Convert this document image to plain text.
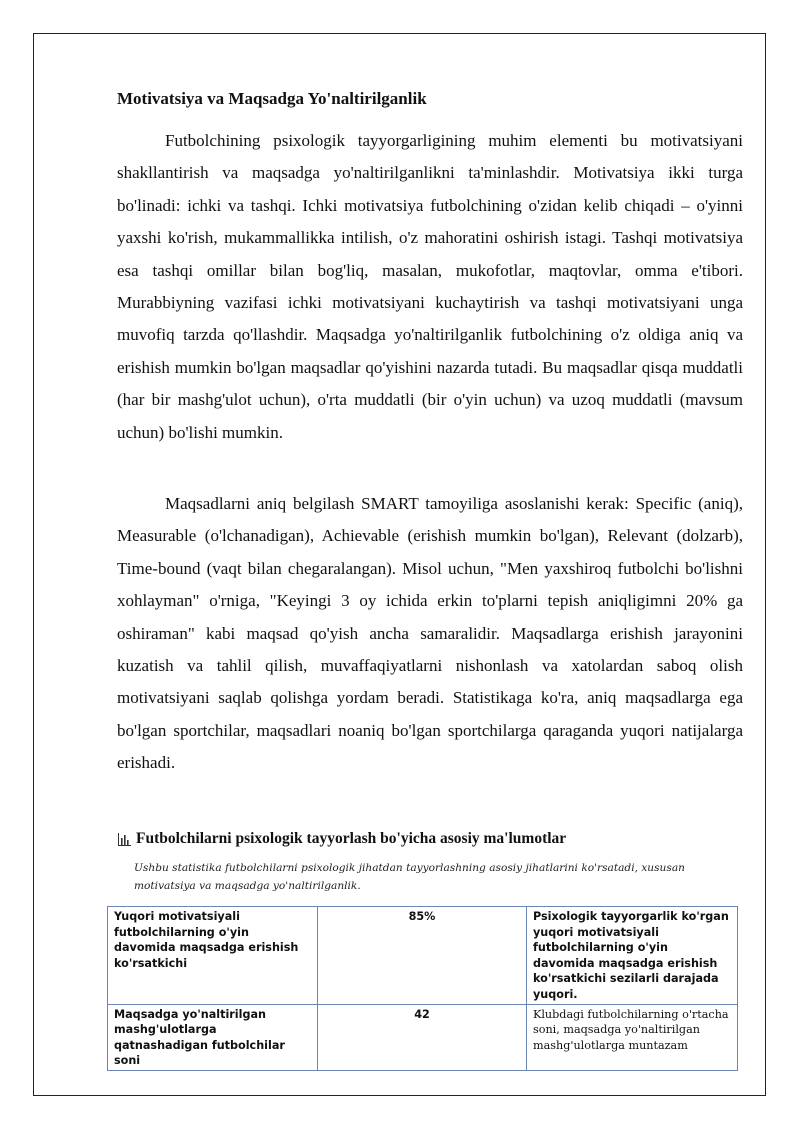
Motivatsiya va Maqsadga Yo'naltirilganlik

Futbolchining psixologik tayyorgarligining muhim elementi bu motivatsiyani shakllantirish va maqsadga yo'naltirilganlikni ta'minlashdir. Motivatsiya ikki turga bo'linadi: ichki va tashqi. Ichki motivatsiya futbolchining o'zidan kelib chiqadi – o'yinni yaxshi ko'rish, mukammallikka intilish, o'z mahoratini oshirish istagi. Tashqi motivatsiya esa tashqi omillar bilan bog'liq, masalan, mukofotlar, maqtovlar, omma e'tibori. Murabbiyning vazifasi ichki motivatsiyani kuchaytirish va tashqi motivatsiyani unga muvofiq tarzda qo'llashdir. Maqsadga yo'naltirilganlik futbolchining o'z oldiga aniq va erishish mumkin bo'lgan maqsadlar qo'yishini nazarda tutadi. Bu maqsadlar qisqa muddatli (har bir mashg'ulot uchun), o'rta muddatli (bir o'yin uchun) va uzoq muddatli (mavsum uchun) bo'lishi mumkin.

Maqsadlarni aniq belgilash SMART tamoyiliga asoslanishi kerak: Specific (aniq), Measurable (o'lchanadigan), Achievable (erishish mumkin bo'lgan), Relevant (dolzarb), Time-bound (vaqt bilan chegaralangan). Misol uchun, "Men yaxshiroq futbolchi bo'lishni xohlayman" o'rniga, "Keyingi 3 oy ichida erkin to'plarni tepish aniqligimni 20% ga oshiraman" kabi maqsad qo'yish ancha samaralidir. Maqsadlarga erishish jarayonini kuzatish va tahlil qilish, muvaffaqiyatlarni nishonlash va xatolardan saboq olish motivatsiyani saqlab qolishga yordam beradi. Statistikaga ko'ra, aniq maqsadlarga ega bo'lgan sportchilar, maqsadlari noaniq bo'lgan sportchilarga qaraganda yuqori natijalarga erishadi.

Futbolchilarni psixologik tayyorlash bo'yicha asosiy ma'lumotlar

Ushbu statistika futbolchilarni psixologik jihatdan tayyorlashning asosiy jihatlarini ko'rsatadi, xususan motivatsiya va maqsadga yo'naltirilganlik.

Yuqori motivatsiyali futbolchilarning o'yin davomida maqsadga erishish ko'rsatkichi	85%	Psixologik tayyorgarlik ko'rgan yuqori motivatsiyali futbolchilarning o'yin davomida maqsadga erishish ko'rsatkichi sezilarli darajada yuqori.
Maqsadga yo'naltirilgan mashg'ulotlarga qatnashadigan futbolchilar soni	42	Klubdagi futbolchilarning o'rtacha soni, maqsadga yo'naltirilgan mashg'ulotlarga muntazam
